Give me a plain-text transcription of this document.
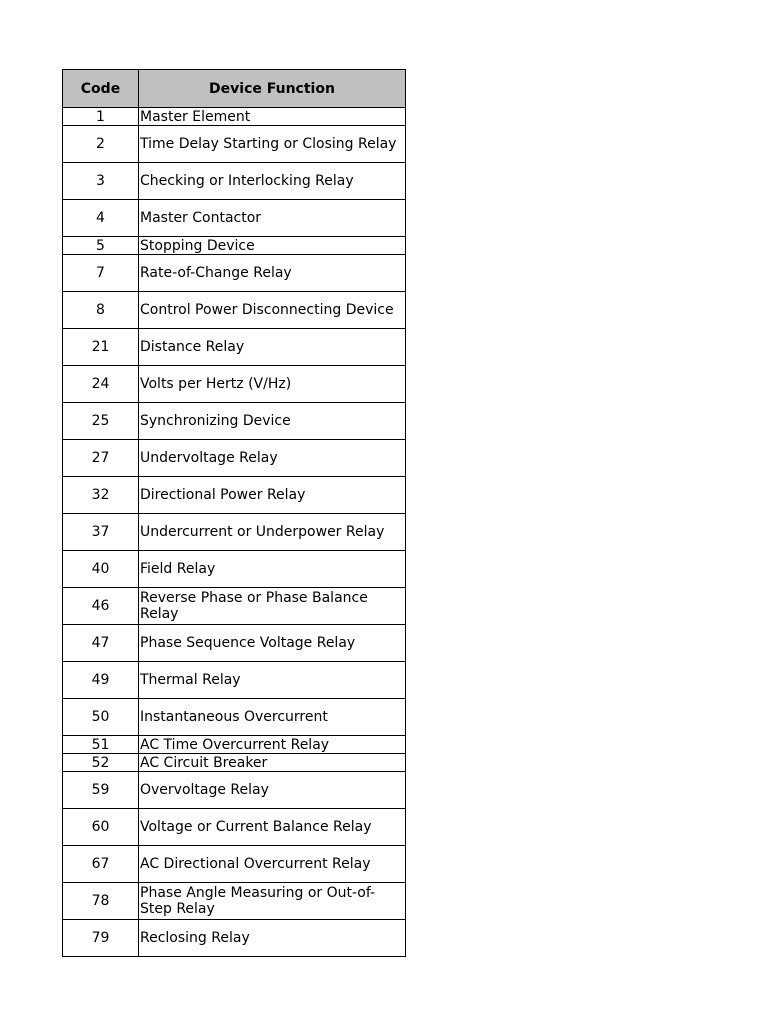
Code	Device Function
1	Master Element
2	Time Delay Starting or Closing Relay
3	Checking or Interlocking Relay
4	Master Contactor
5	Stopping Device
7	Rate-of-Change Relay
8	Control Power Disconnecting Device
21	Distance Relay
24	Volts per Hertz (V/Hz)
25	Synchronizing Device
27	Undervoltage Relay
32	Directional Power Relay
37	Undercurrent or Underpower Relay
40	Field Relay
46	Reverse Phase or Phase Balance Relay
47	Phase Sequence Voltage Relay
49	Thermal Relay
50	Instantaneous Overcurrent
51	AC Time Overcurrent Relay
52	AC Circuit Breaker
59	Overvoltage Relay
60	Voltage or Current Balance Relay
67	AC Directional Overcurrent Relay
78	Phase Angle Measuring or Out-of-Step Relay
79	Reclosing Relay
